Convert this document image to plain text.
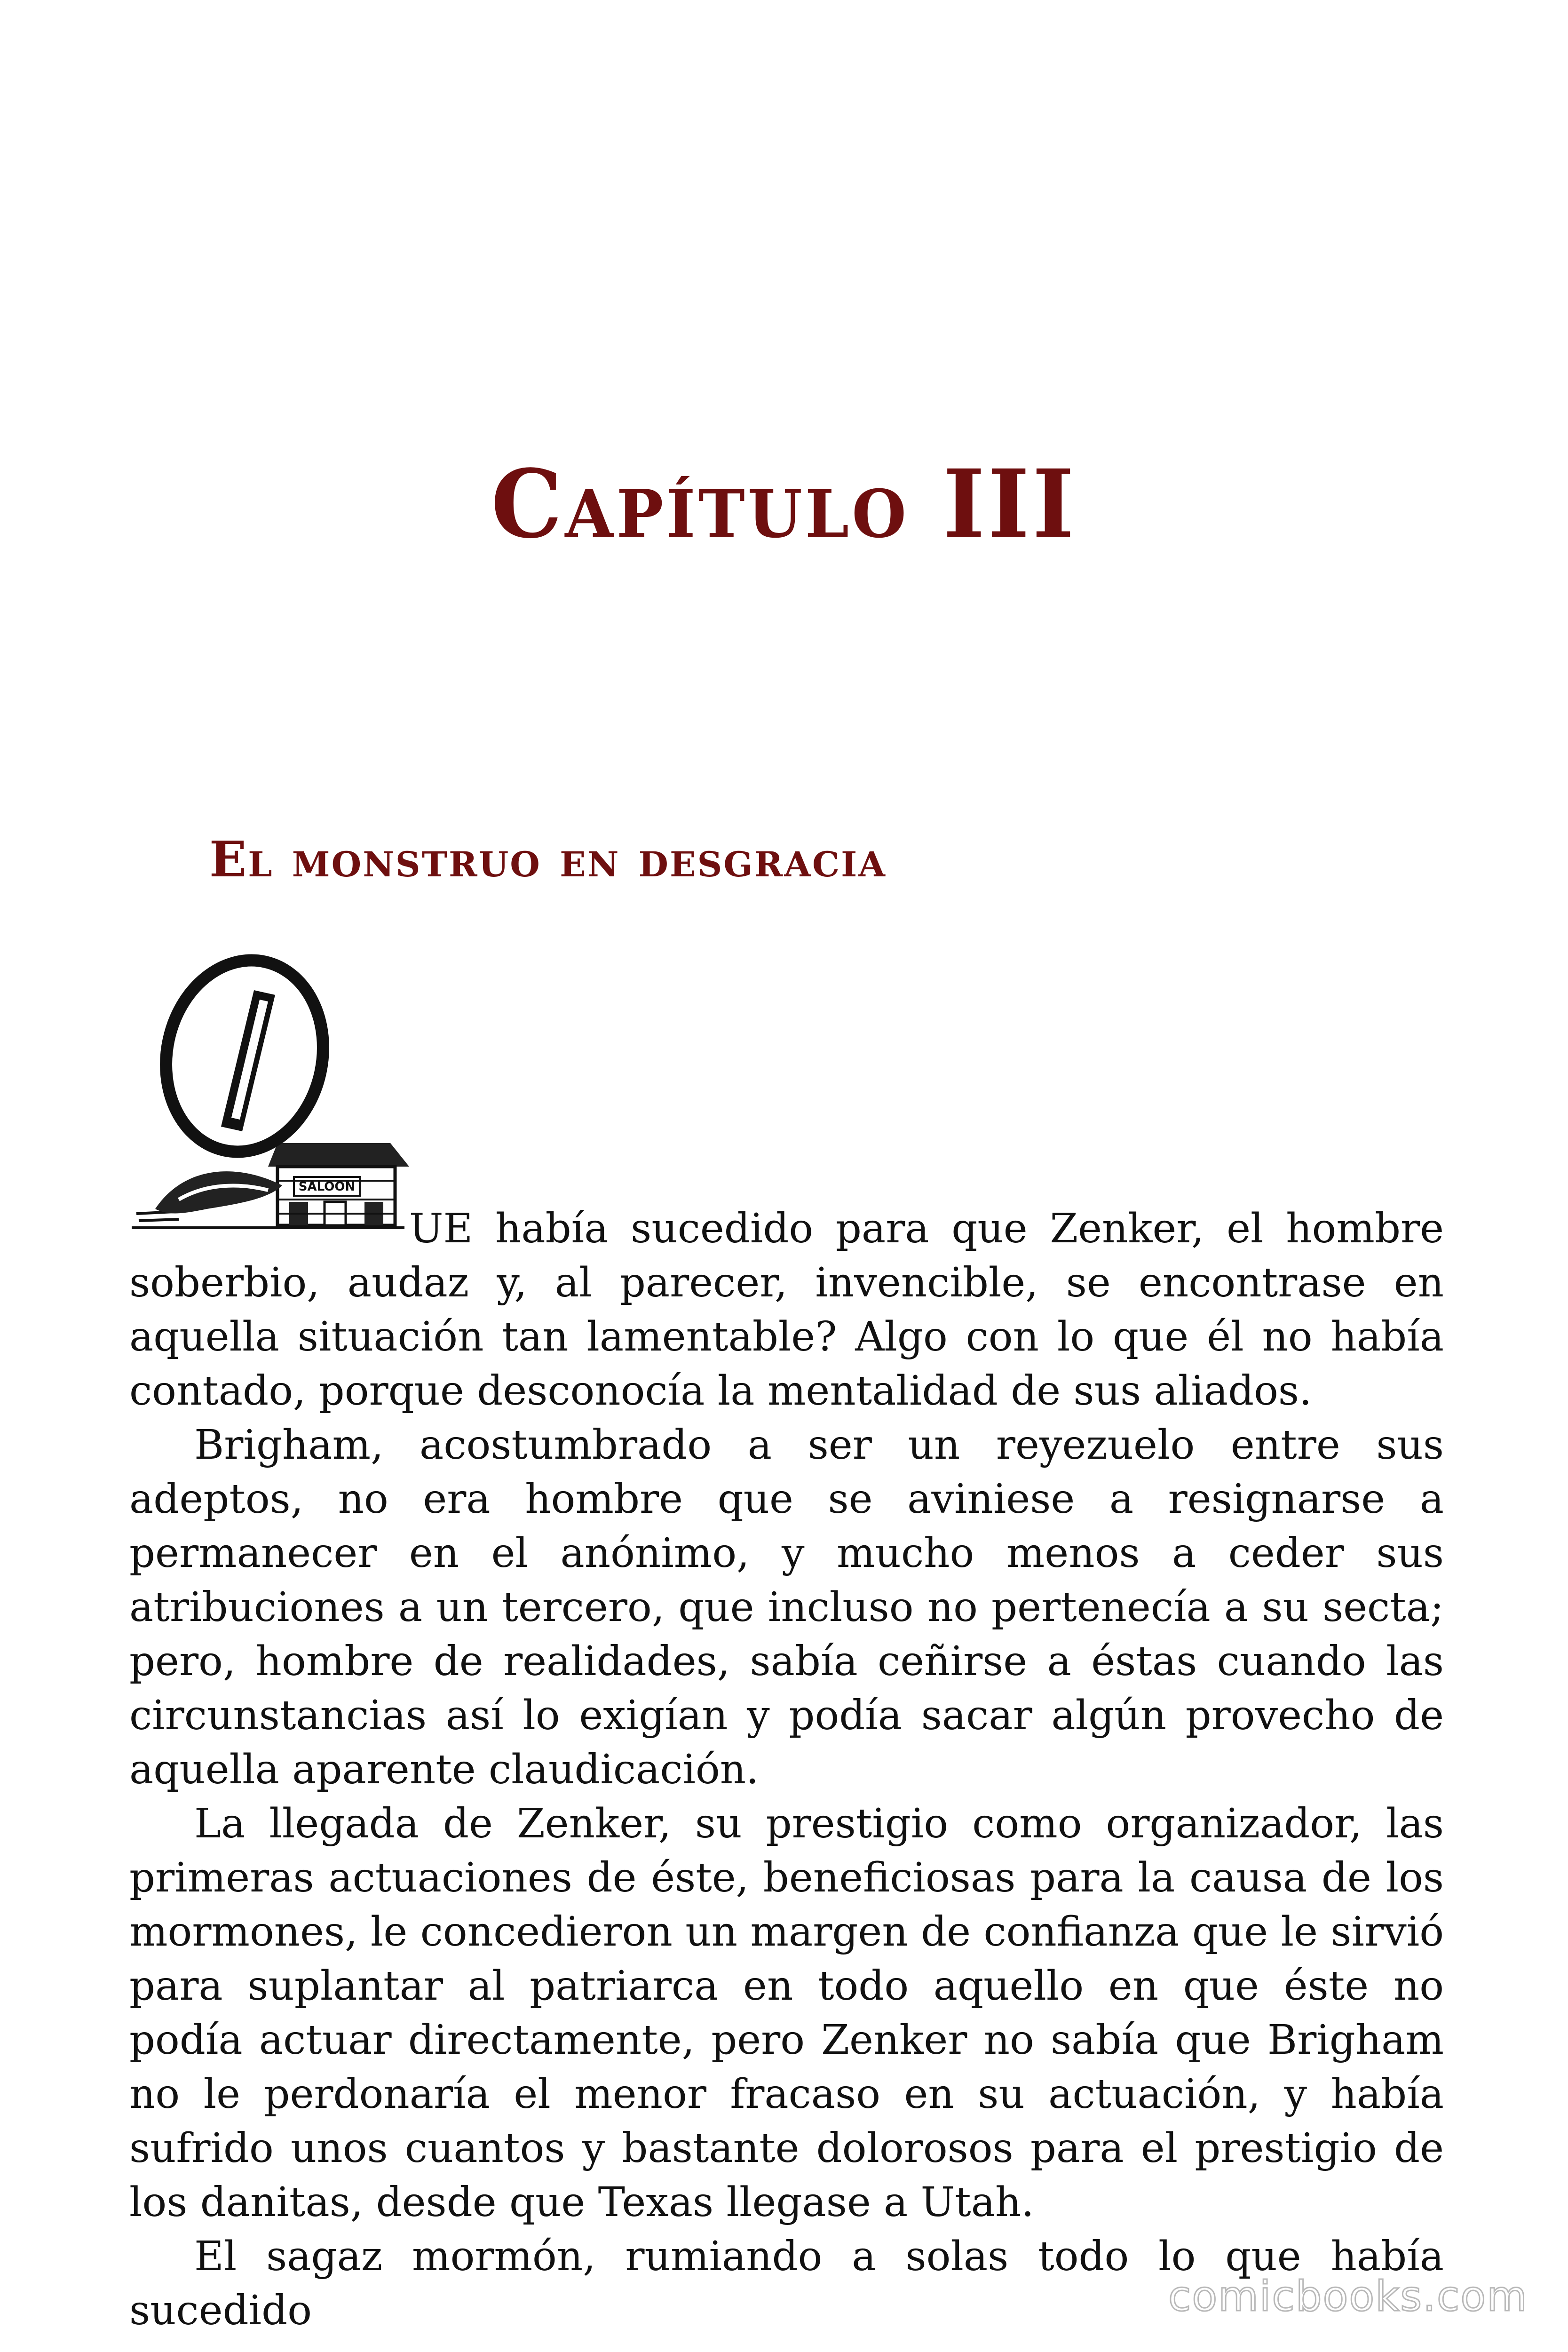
Capítulo III
El monstruo en desgracia
SALOON

UE había sucedido para que Zenker, el hombre
soberbio, audaz y, al parecer, invencible, se encontrase en aquella situación tan lamentable? Algo con lo que él no había contado, porque desconocía la mentalidad de sus aliados.

Brigham, acostumbrado a ser un reyezuelo entre sus adeptos, no era hombre que se aviniese a resignarse a permanecer en el anónimo, y mucho menos a ceder sus atribuciones a un tercero, que incluso no pertenecía a su secta; pero, hombre de realidades, sabía ceñirse a éstas cuando las circunstancias así lo exigían y podía sacar algún provecho de aquella aparente claudicación.

La llegada de Zenker, su prestigio como organizador, las primeras actuaciones de éste, beneficiosas para la causa de los mormones, le concedieron un margen de confianza que le sirvió para suplantar al patriarca en todo aquello en que éste no podía actuar directamente, pero Zenker no sabía que Brigham no le perdonaría el menor fracaso en su actuación, y había sufrido unos cuantos y bastante dolorosos para el prestigio de los danitas, desde que Texas llegase a Utah.

El sagaz mormón, rumiando a solas todo lo que había sucedido	comicbooks.com
